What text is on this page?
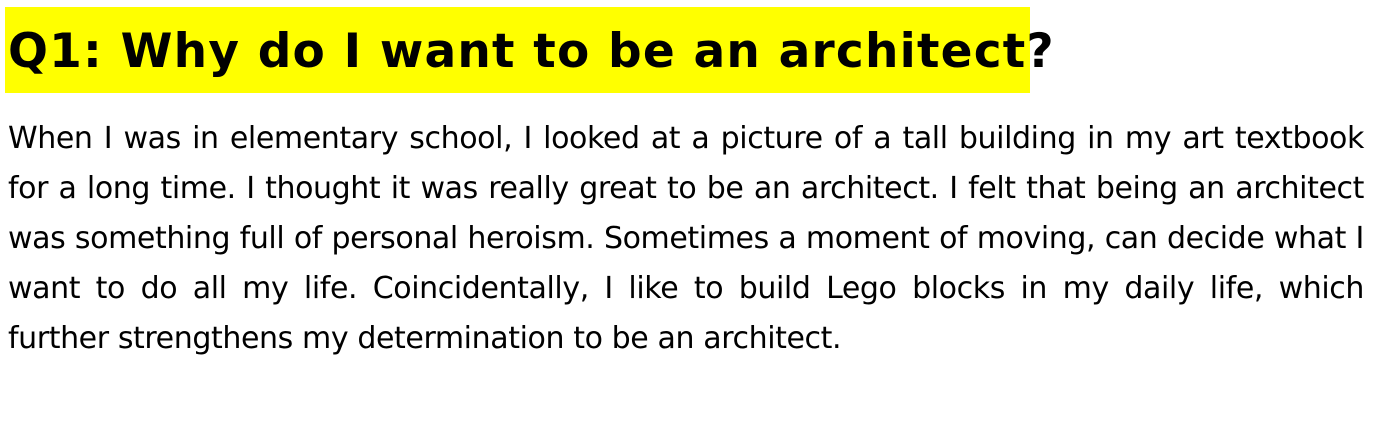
Q1: Why do I want to be an architect?

When I was in elementary school, I looked at a picture of a tall building in my art textbook for a long time. I thought it was really great to be an architect. I felt that being an architect was something full of personal heroism. Sometimes a moment of moving, can decide what I want to do all my life. Coincidentally, I like to build Lego blocks in my daily life, which further strengthens my determination to be an architect.
